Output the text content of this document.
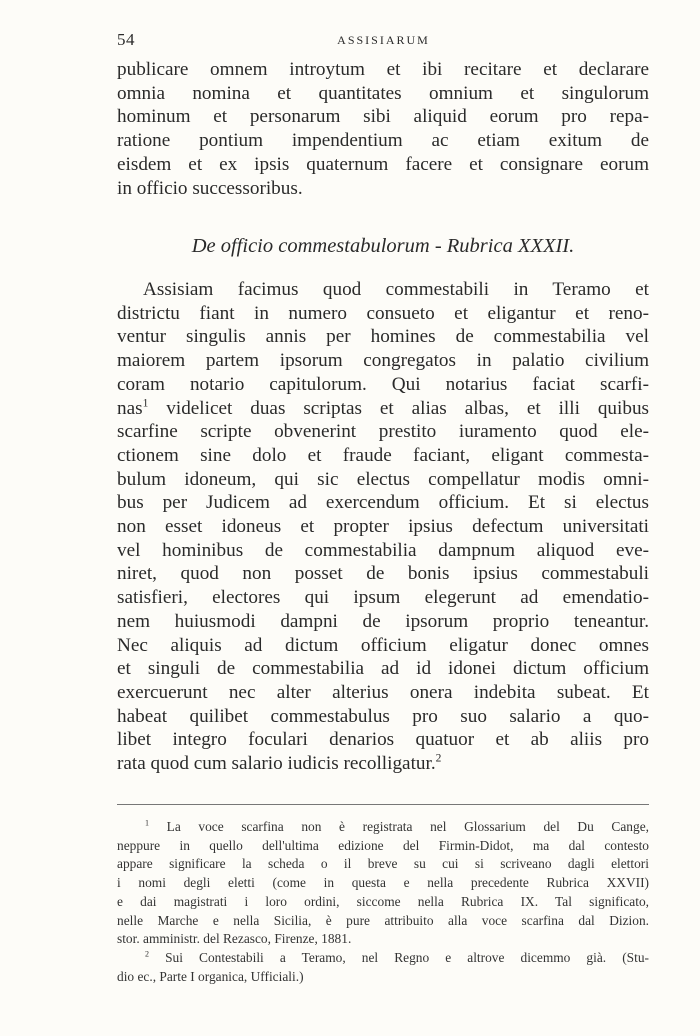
54	ASSISIARUM
publicare omnem introytum et ibi recitare et declarare
omnia nomina et quantitates omnium et singulorum
hominum et personarum sibi aliquid eorum pro repa-
ratione pontium impendentium ac etiam exitum de
eisdem et ex ipsis quaternum facere et consignare eorum
in officio successoribus.
De officio commestabulorum - Rubrica XXXII.
Assisiam facimus quod commestabili in Teramo et
districtu fiant in numero consueto et eligantur et reno-
ventur singulis annis per homines de commestabilia vel
maiorem partem ipsorum congregatos in palatio civilium
coram notario capitulorum. Qui notarius faciat scarfi-
nas$^1$ videlicet duas scriptas et alias albas, et illi quibus
scarfine scripte obvenerint prestito iuramento quod ele-
ctionem sine dolo et fraude faciant, eligant commesta-
bulum idoneum, qui sic electus compellatur modis omni-
bus per Judicem ad exercendum officium. Et si electus
non esset idoneus et propter ipsius defectum universitati
vel hominibus de commestabilia dampnum aliquod eve-
niret, quod non posset de bonis ipsius commestabuli
satisfieri, electores qui ipsum elegerunt ad emendatio-
nem huiusmodi dampni de ipsorum proprio teneantur.
Nec aliquis ad dictum officium eligatur donec omnes
et singuli de commestabilia ad id idonei dictum officium
exercuerunt nec alter alterius onera indebita subeat. Et
habeat quilibet commestabulus pro suo salario a quo-
libet integro foculari denarios quatuor et ab aliis pro
rata quod cum salario iudicis recolligatur.$^2$
$^1$ La voce scarfina non è registrata nel Glossarium del Du Cange,
neppure in quello dell'ultima edizione del Firmin-Didot, ma dal contesto
appare significare la scheda o il breve su cui si scriveano dagli elettori
i nomi degli eletti (come in questa e nella precedente Rubrica XXVII)
e dai magistrati i loro ordini, siccome nella Rubrica IX. Tal significato,
nelle Marche e nella Sicilia, è pure attribuito alla voce scarfina dal Dizion.
stor. amministr. del Rezasco, Firenze, 1881.
$^2$ Sui Contestabili a Teramo, nel Regno e altrove dicemmo già. (Stu-
dio ec., Parte I organica, Ufficiali.)
